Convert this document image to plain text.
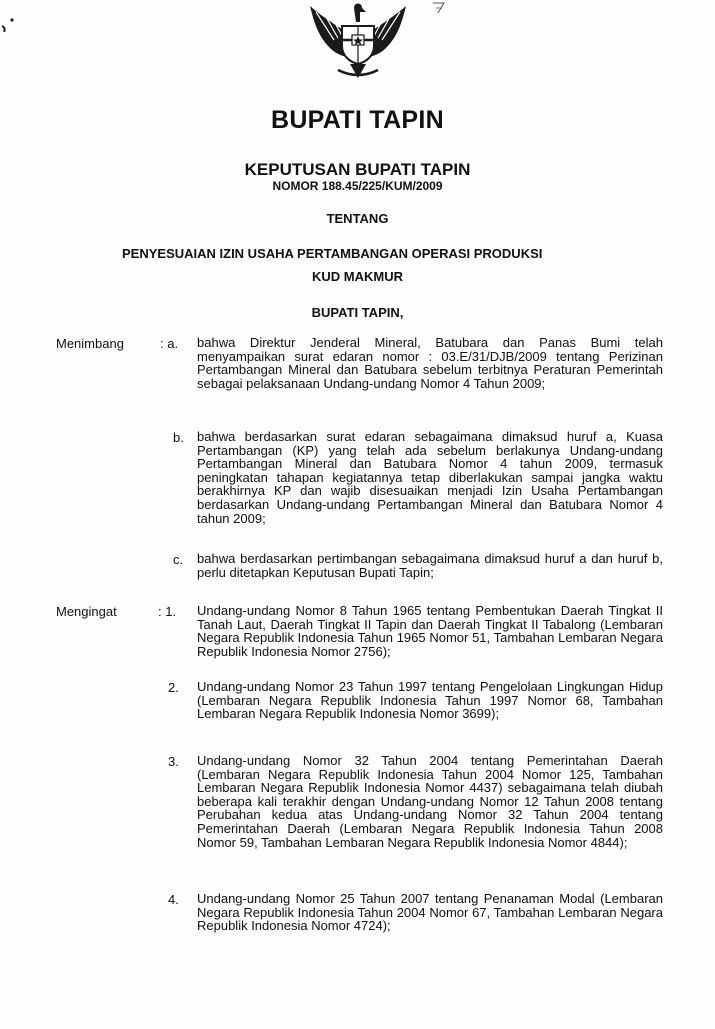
BUPATI TAPIN
KEPUTUSAN BUPATI TAPIN
NOMOR 188.45/225/KUM/2009
TENTANG
PENYESUAIAN IZIN USAHA PERTAMBANGAN OPERASI PRODUKSI
KUD MAKMUR
BUPATI TAPIN,
Menimbang	: a. bahwa Direktur Jenderal Mineral, Batubara dan Panas Bumi telah menyampaikan surat edaran nomor : 03.E/31/DJB/2009 tentang Perizinan Pertambangan Mineral dan Batubara sebelum terbitnya Peraturan Pemerintah sebagai pelaksanaan Undang-undang Nomor 4 Tahun 2009;
b. bahwa berdasarkan surat edaran sebagaimana dimaksud huruf a, Kuasa Pertambangan (KP) yang telah ada sebelum berlakunya Undang-undang Pertambangan Mineral dan Batubara Nomor 4 tahun 2009, termasuk peningkatan tahapan kegiatannya tetap diberlakukan sampai jangka waktu berakhirnya KP dan wajib disesuaikan menjadi Izin Usaha Pertambangan berdasarkan Undang-undang Pertambangan Mineral dan Batubara Nomor 4 tahun 2009;
c. bahwa berdasarkan pertimbangan sebagaimana dimaksud huruf a dan huruf b, perlu ditetapkan Keputusan Bupati Tapin;
Mengingat	: 1. Undang-undang Nomor 8 Tahun 1965 tentang Pembentukan Daerah Tingkat II Tanah Laut, Daerah Tingkat II Tapin dan Daerah Tingkat II Tabalong (Lembaran Negara Republik Indonesia Tahun 1965 Nomor 51, Tambahan Lembaran Negara Republik Indonesia Nomor 2756);
2. Undang-undang Nomor 23 Tahun 1997 tentang Pengelolaan Lingkungan Hidup (Lembaran Negara Republik Indonesia Tahun 1997 Nomor 68, Tambahan Lembaran Negara Republik Indonesia Nomor 3699);
3. Undang-undang Nomor 32 Tahun 2004 tentang Pemerintahan Daerah (Lembaran Negara Republik Indonesia Tahun 2004 Nomor 125, Tambahan Lembaran Negara Republik Indonesia Nomor 4437) sebagaimana telah diubah beberapa kali terakhir dengan Undang-undang Nomor 12 Tahun 2008 tentang Perubahan kedua atas Undang-undang Nomor 32 Tahun 2004 tentang Pemerintahan Daerah (Lembaran Negara Republik Indonesia Tahun 2008 Nomor 59, Tambahan Lembaran Negara Republik Indonesia Nomor 4844);
4. Undang-undang Nomor 25 Tahun 2007 tentang Penanaman Modal (Lembaran Negara Republik Indonesia Tahun 2004 Nomor 67, Tambahan Lembaran Negara Republik Indonesia Nomor 4724);
